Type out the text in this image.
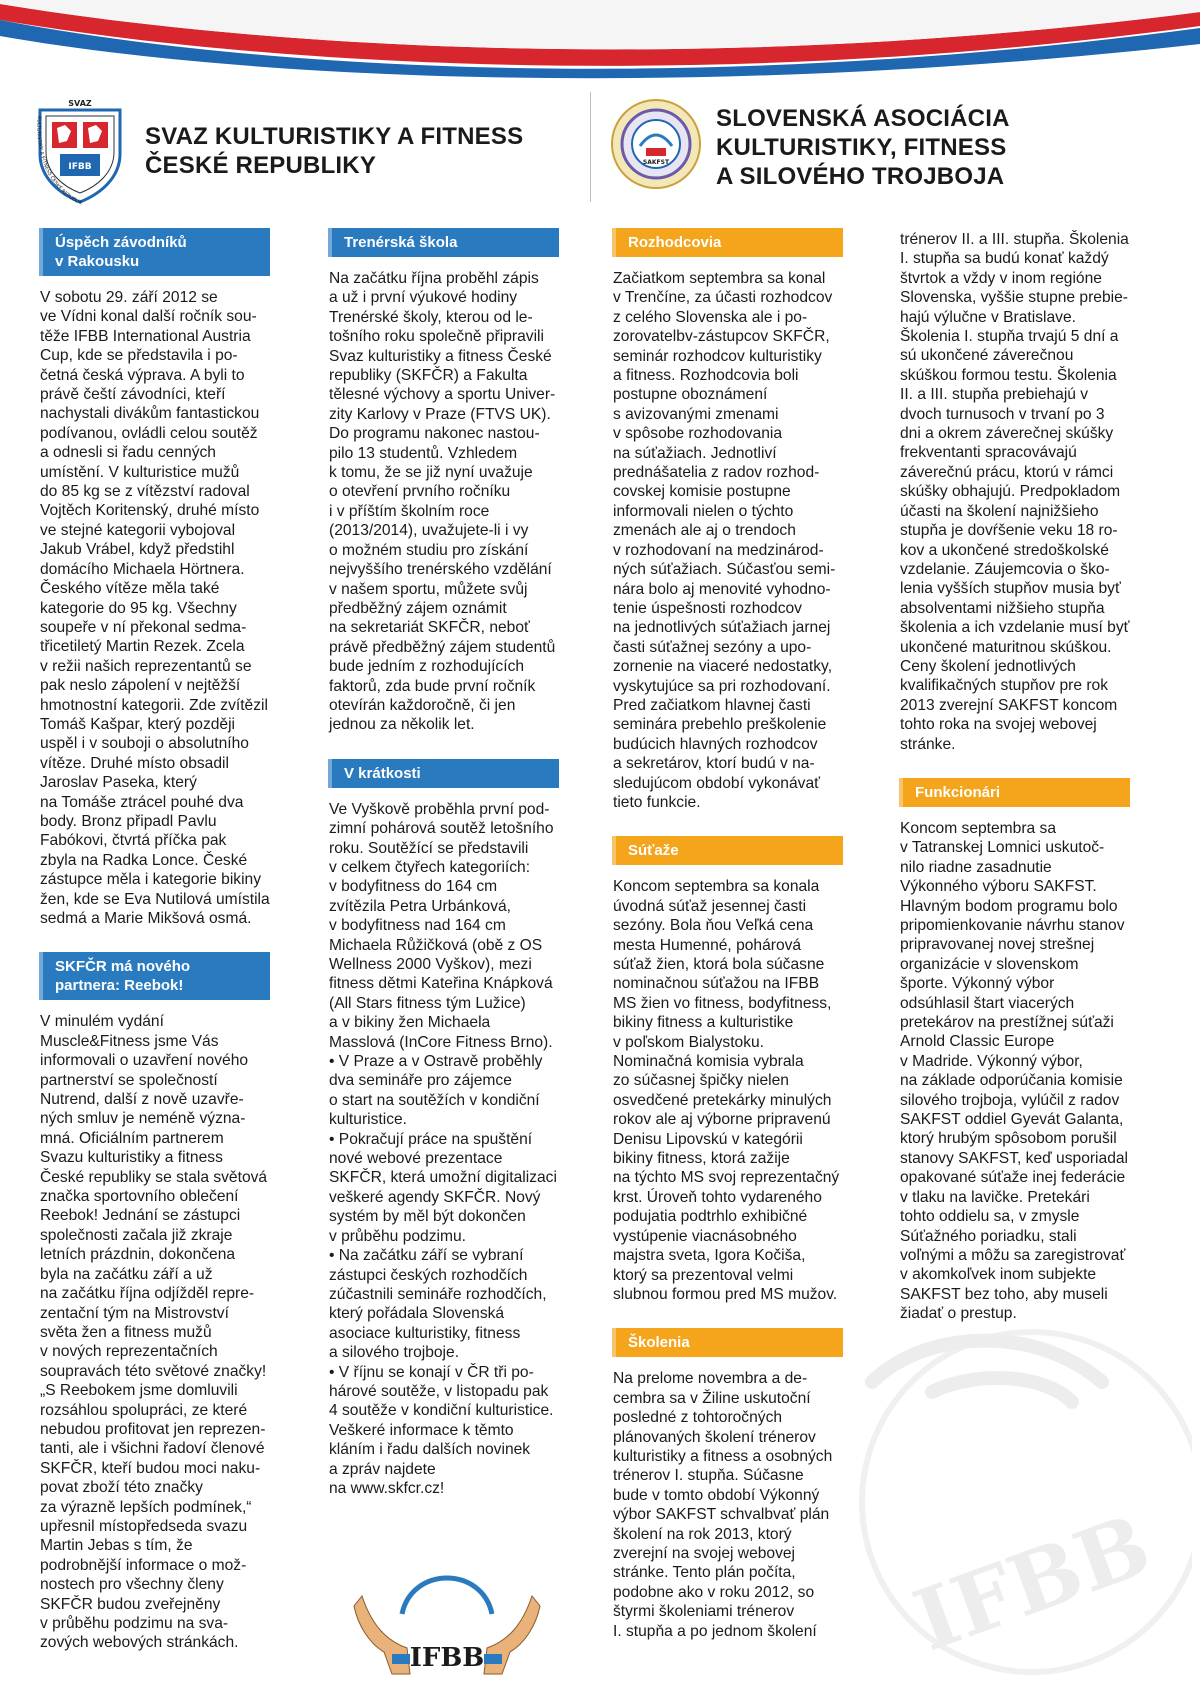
IFBB
SVAZ
KULTURISTIKY A FITNESS ČESKÉ REPUBLIK
SVAZ KULTURISTIKY A FITNESS
ČESKÉ REPUBLIKY	SAKFST
SLOVENSKÁ ASOCIÁCIA
KULTURISTIKY, FITNESS
A SILOVÉHO TROJBOJA
IFBB
Úspěch závodníků
v Rakousku

V sobotu 29. září 2012 se
ve Vídni konal další ročník sou-
těže IFBB International Austria
Cup, kde se představila i po-
četná česká výprava. A byli to
právě čeští závodníci, kteří
nachystali divákům fantastickou
podívanou, ovládli celou soutěž
a odnesli si řadu cenných
umístění. V kulturistice mužů
do 85 kg se z vítězství radoval
Vojtěch Koritenský, druhé místo
ve stejné kategorii vybojoval
Jakub Vrábel, když předstihl
domácího Michaela Hörtnera.
Českého vítěze měla také
kategorie do 95 kg. Všechny
soupeře v ní překonal sedma-
třicetiletý Martin Rezek. Zcela
v režii našich reprezentantů se
pak neslo zápolení v nejtěžší
hmotnostní kategorii. Zde zvítězil
Tomáš Kašpar, který později
uspěl i v souboji o absolutního
vítěze. Druhé místo obsadil
Jaroslav Paseka, který
na Tomáše ztrácel pouhé dva
body. Bronz připadl Pavlu
Fabókovi, čtvrtá příčka pak
zbyla na Radka Lonce. České
zástupce měla i kategorie bikiny
žen, kde se Eva Nutilová umístila
sedmá a Marie Mikšová osmá.

SKFČR má nového
partnera: Reebok!

V minulém vydání
Muscle&Fitness jsme Vás
informovali o uzavření nového
partnerství se společností
Nutrend, další z nově uzavře-
ných smluv je neméně význa-
mná. Oficiálním partnerem
Svazu kulturistiky a fitness
České republiky se stala světová
značka sportovního oblečení
Reebok! Jednání se zástupci
společnosti začala již zkraje
letních prázdnin, dokončena
byla na začátku září a už
na začátku října odjížděl repre-
zentační tým na Mistrovství
světa žen a fitness mužů
v nových reprezentačních
soupravách této světové značky!
„S Reebokem jsme domluvili
rozsáhlou spolupráci, ze které
nebudou profitovat jen reprezen-
tanti, ale i všichni řadoví členové
SKFČR, kteří budou moci naku-
povat zboží této značky
za výrazně lepších podmínek,“
upřesnil místopředseda svazu
Martin Jebas s tím, že
podrobnější informace o mož-
nostech pro všechny členy
SKFČR budou zveřejněny
v průběhu podzimu na sva-
zových webových stránkách.

Trenérská škola

Na začátku října proběhl zápis
a už i první výukové hodiny
Trenérské školy, kterou od le-
tošního roku společně připravili
Svaz kulturistiky a fitness České
republiky (SKFČR) a Fakulta
tělesné výchovy a sportu Univer-
zity Karlovy v Praze (FTVS UK).
Do programu nakonec nastou-
pilo 13 studentů. Vzhledem
k tomu, že se již nyní uvažuje
o otevření prvního ročníku
i v příštím školním roce
(2013/2014), uvažujete-li i vy
o možném studiu pro získání
nejvyššího trenérského vzdělání
v našem sportu, můžete svůj
předběžný zájem oznámit
na sekretariát SKFČR, neboť
právě předběžný zájem studentů
bude jedním z rozhodujících
faktorů, zda bude první ročník
otevírán každoročně, či jen
jednou za několik let.

V krátkosti

Ve Vyškově proběhla první pod-
zimní pohárová soutěž letošního
roku. Soutěžící se představili
v celkem čtyřech kategoriích:
v bodyfitness do 164 cm
zvítězila Petra Urbánková,
v bodyfitness nad 164 cm
Michaela Růžičková (obě z OS
Wellness 2000 Vyškov), mezi
fitness dětmi Kateřina Knápková
(All Stars fitness tým Lužice)
a v bikiny žen Michaela
Masslová (InCore Fitness Brno).
• V Praze a v Ostravě proběhly
dva semináře pro zájemce
o start na soutěžích v kondiční
kulturistice.
• Pokračují práce na spuštění
nové webové prezentace
SKFČR, která umožní digitalizaci
veškeré agendy SKFČR. Nový
systém by měl být dokončen
v průběhu podzimu.
• Na začátku září se vybraní
zástupci českých rozhodčích
zúčastnili semináře rozhodčích,
který pořádala Slovenská
asociace kulturistiky, fitness
a silového trojboje.
• V říjnu se konají v ČR tři po-
hárové soutěže, v listopadu pak
4 soutěže v kondiční kulturistice.
Veškeré informace k těmto
kláním i řadu dalších novinek
a zpráv najdete
na www.skfcr.cz!

IFBB
Rozhodcovia

Začiatkom septembra sa konal
v Trenčíne, za účasti rozhodcov
z celého Slovenska ale i po-
zorovatelbv-zástupcov SKFČR,
seminár rozhodcov kulturistiky
a fitness. Rozhodcovia boli
postupne oboznámení
s avizovanými zmenami
v spôsobe rozhodovania
na súťažiach. Jednotliví
prednášatelia z radov rozhod-
covskej komisie postupne
informovali nielen o týchto
zmenách ale aj o trendoch
v rozhodovaní na medzinárod-
ných súťažiach. Súčasťou semi-
nára bolo aj menovité vyhodno-
tenie úspešnosti rozhodcov
na jednotlivých súťažiach jarnej
časti súťažnej sezóny a upo-
zornenie na viaceré nedostatky,
vyskytujúce sa pri rozhodovaní.
Pred začiatkom hlavnej časti
seminára prebehlo preškolenie
budúcich hlavných rozhodcov
a sekretárov, ktorí budú v na-
sledujúcom období vykonávať
tieto funkcie.

Súťaže

Koncom septembra sa konala
úvodná súťaž jesennej časti
sezóny. Bola ňou Veľká cena
mesta Humenné, pohárová
súťaž žien, ktorá bola súčasne
nominačnou súťažou na IFBB
MS žien vo fitness, bodyfitness,
bikiny fitness a kulturistike
v poľskom Bialystoku.
Nominačná komisia vybrala
zo súčasnej špičky nielen
osvedčené pretekárky minulých
rokov ale aj výborne pripravenú
Denisu Lipovskú v kategórii
bikiny fitness, ktorá zažije
na týchto MS svoj reprezentačný
krst. Úroveň tohto vydareného
podujatia podtrhlo exhibičné
vystúpenie viacnásobného
majstra sveta, Igora Kočiša,
ktorý sa prezentoval velmi
slubnou formou pred MS mužov.

Školenia

Na prelome novembra a de-
cembra sa v Žiline uskutoční
posledné z tohtoročných
plánovaných školení trénerov
kulturistiky a fitness a osobných
trénerov I. stupňa. Súčasne
bude v tomto období Výkonný
výbor SAKFST schvalbvať plán
školení na rok 2013, ktorý
zverejní na svojej webovej
stránke. Tento plán počíta,
podobne ako v roku 2012, so
štyrmi školeniami trénerov
I. stupňa a po jednom školení

trénerov II. a III. stupňa. Školenia
I. stupňa sa budú konať každý
štvrtok a vždy v inom regióne
Slovenska, vyššie stupne prebie-
hajú výlučne v Bratislave.
Školenia I. stupňa trvajú 5 dní a
sú ukončené záverečnou
skúškou formou testu. Školenia
II. a III. stupňa prebiehajú v
dvoch turnusoch v trvaní po 3
dni a okrem záverečnej skúšky
frekventanti spracovávajú
záverečnú prácu, ktorú v rámci
skúšky obhajujú. Predpokladom
účasti na školení najnižšieho
stupňa je dovŕšenie veku 18 ro-
kov a ukončené stredoškolské
vzdelanie. Záujemcovia o ško-
lenia vyšších stupňov musia byť
absolventami nižšieho stupňa
školenia a ich vzdelanie musí byť
ukončené maturitnou skúškou.
Ceny školení jednotlivých
kvalifikačných stupňov pre rok
2013 zverejní SAKFST koncom
tohto roka na svojej webovej
stránke.

Funkcionári

Koncom septembra sa
v Tatranskej Lomnici uskutoč-
nilo riadne zasadnutie
Výkonného výboru SAKFST.
Hlavným bodom programu bolo
pripomienkovanie návrhu stanov
pripravovanej novej strešnej
organizácie v slovenskom
športe. Výkonný výbor
odsúhlasil štart viacerých
pretekárov na prestížnej súťaži
Arnold Classic Europe
v Madride. Výkonný výbor,
na základe odporúčania komisie
silového trojboja, vylúčil z radov
SAKFST oddiel Gyevát Galanta,
ktorý hrubým spôsobom porušil
stanovy SAKFST, keď usporiadal
opakované súťaže inej federácie
v tlaku na lavičke. Pretekári
tohto oddielu sa, v zmysle
Súťažného poriadku, stali
voľnými a môžu sa zaregistrovať
v akomkoľvek inom subjekte
SAKFST bez toho, aby museli
žiadať o prestup.
